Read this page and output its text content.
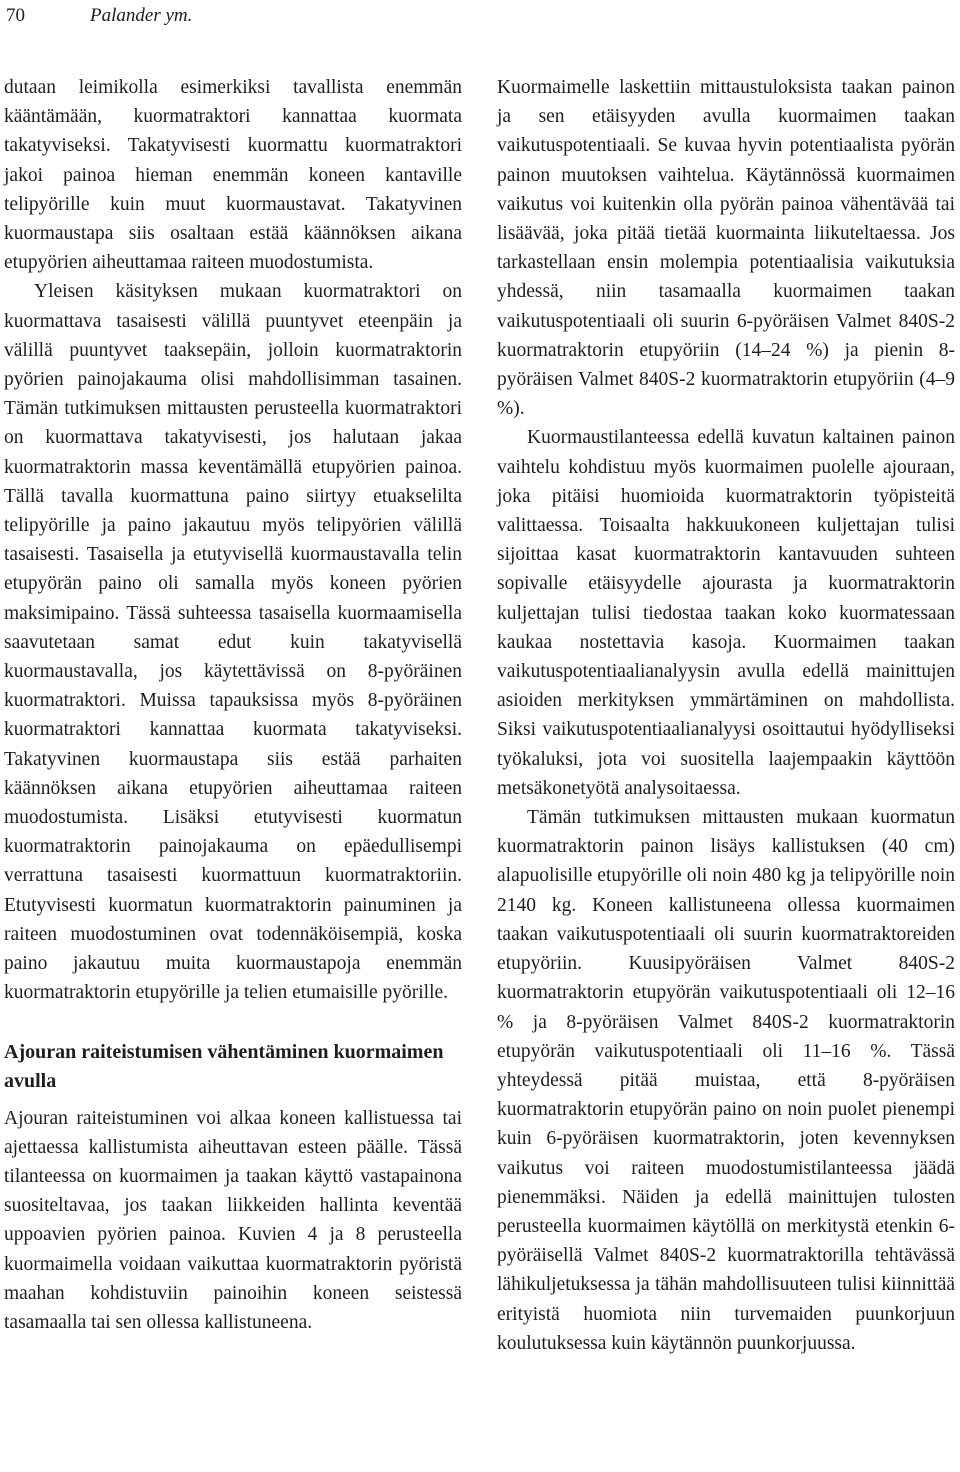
70	Palander ym.

dutaan leimikolla esimerkiksi tavallista enemmän kääntämään, kuormatraktori kannattaa kuormata takatyviseksi. Takatyvisesti kuormattu kuormatraktori jakoi painoa hieman enemmän koneen kantaville telipyörille kuin muut kuormaustavat. Takatyvinen kuormaustapa siis osaltaan estää käännöksen aikana etupyörien aiheuttamaa raiteen muodostumista.

Yleisen käsityksen mukaan kuormatraktori on kuormattava tasaisesti välillä puuntyvet eteenpäin ja välillä puuntyvet taaksepäin, jolloin kuormatraktorin pyörien painojakauma olisi mahdollisimman tasainen. Tämän tutkimuksen mittausten perusteella kuormatraktori on kuormattava takatyvisesti, jos halutaan jakaa kuormatraktorin massa keventämällä etupyörien painoa. Tällä tavalla kuormattuna paino siirtyy etuakselilta telipyörille ja paino jakautuu myös telipyörien välillä tasaisesti. Tasaisella ja etutyvisellä kuormaustavalla telin etupyörän paino oli samalla myös koneen pyörien maksimipaino. Tässä suhteessa tasaisella kuormaamisella saavutetaan samat edut kuin takatyvisellä kuormaustavalla, jos käytettävissä on 8-pyöräinen kuormatraktori. Muissa tapauksissa myös 8-pyöräinen kuormatraktori kannattaa kuormata takatyviseksi. Takatyvinen kuormaustapa siis estää parhaiten käännöksen aikana etupyörien aiheuttamaa raiteen muodostumista. Lisäksi etutyvisesti kuormatun kuormatraktorin painojakauma on epäedullisempi verrattuna tasaisesti kuormattuun kuormatraktoriin. Etutyvisesti kuormatun kuormatraktorin painuminen ja raiteen muodostuminen ovat todennäköisempiä, koska paino jakautuu muita kuormaustapoja enemmän kuormatraktorin etupyörille ja telien etumaisille pyörille.

Ajouran raiteistumisen vähentäminen kuormaimen avulla

Ajouran raiteistuminen voi alkaa koneen kallistuessa tai ajettaessa kallistumista aiheuttavan esteen päälle. Tässä tilanteessa on kuormaimen ja taakan käyttö vastapainona suositeltavaa, jos taakan liikkeiden hallinta keventää uppoavien pyörien painoa. Kuvien 4 ja 8 perusteella kuormaimella voidaan vaikuttaa kuormatraktorin pyöristä maahan kohdistuviin painoihin koneen seistessä tasamaalla tai sen ollessa kallistuneena.

Kuormaimelle laskettiin mittaustuloksista taakan painon ja sen etäisyyden avulla kuormaimen taakan vaikutuspotentiaali. Se kuvaa hyvin potentiaalista pyörän painon muutoksen vaihtelua. Käytännössä kuormaimen vaikutus voi kuitenkin olla pyörän painoa vähentävää tai lisäävää, joka pitää tietää kuormainta liikuteltaessa. Jos tarkastellaan ensin molempia potentiaalisia vaikutuksia yhdessä, niin tasamaalla kuormaimen taakan vaikutuspotentiaali oli suurin 6-pyöräisen Valmet 840S-2 kuormatraktorin etupyöriin (14–24 %) ja pienin 8-pyöräisen Valmet 840S-2 kuormatraktorin etupyöriin (4–9 %).

Kuormaustilanteessa edellä kuvatun kaltainen painon vaihtelu kohdistuu myös kuormaimen puolelle ajouraan, joka pitäisi huomioida kuormatraktorin työpisteitä valittaessa. Toisaalta hakkuukoneen kuljettajan tulisi sijoittaa kasat kuormatraktorin kantavuuden suhteen sopivalle etäisyydelle ajourasta ja kuormatraktorin kuljettajan tulisi tiedostaa taakan koko kuormatessaan kaukaa nostettavia kasoja. Kuormaimen taakan vaikutuspotentiaalianalyysin avulla edellä mainittujen asioiden merkityksen ymmärtäminen on mahdollista. Siksi vaikutuspotentiaalianalyysi osoittautui hyödylliseksi työkaluksi, jota voi suositella laajempaakin käyttöön metsäkonetyötä analysoitaessa.

Tämän tutkimuksen mittausten mukaan kuormatun kuormatraktorin painon lisäys kallistuksen (40 cm) alapuolisille etupyörille oli noin 480 kg ja telipyörille noin 2140 kg. Koneen kallistuneena ollessa kuormaimen taakan vaikutuspotentiaali oli suurin kuormatraktoreiden etupyöriin. Kuusipyöräisen Valmet 840S-2 kuormatraktorin etupyörän vaikutuspotentiaali oli 12–16 % ja 8-pyöräisen Valmet 840S-2 kuormatraktorin etupyörän vaikutuspotentiaali oli 11–16 %. Tässä yhteydessä pitää muistaa, että 8-pyöräisen kuormatraktorin etupyörän paino on noin puolet pienempi kuin 6-pyöräisen kuormatraktorin, joten kevennyksen vaikutus voi raiteen muodostumistilanteessa jäädä pienemmäksi. Näiden ja edellä mainittujen tulosten perusteella kuormaimen käytöllä on merkitystä etenkin 6-pyöräisellä Valmet 840S-2 kuormatraktorilla tehtävässä lähikuljetuksessa ja tähän mahdollisuuteen tulisi kiinnittää erityistä huomiota niin turvemaiden puunkorjuun koulutuksessa kuin käytännön puunkorjuussa.
